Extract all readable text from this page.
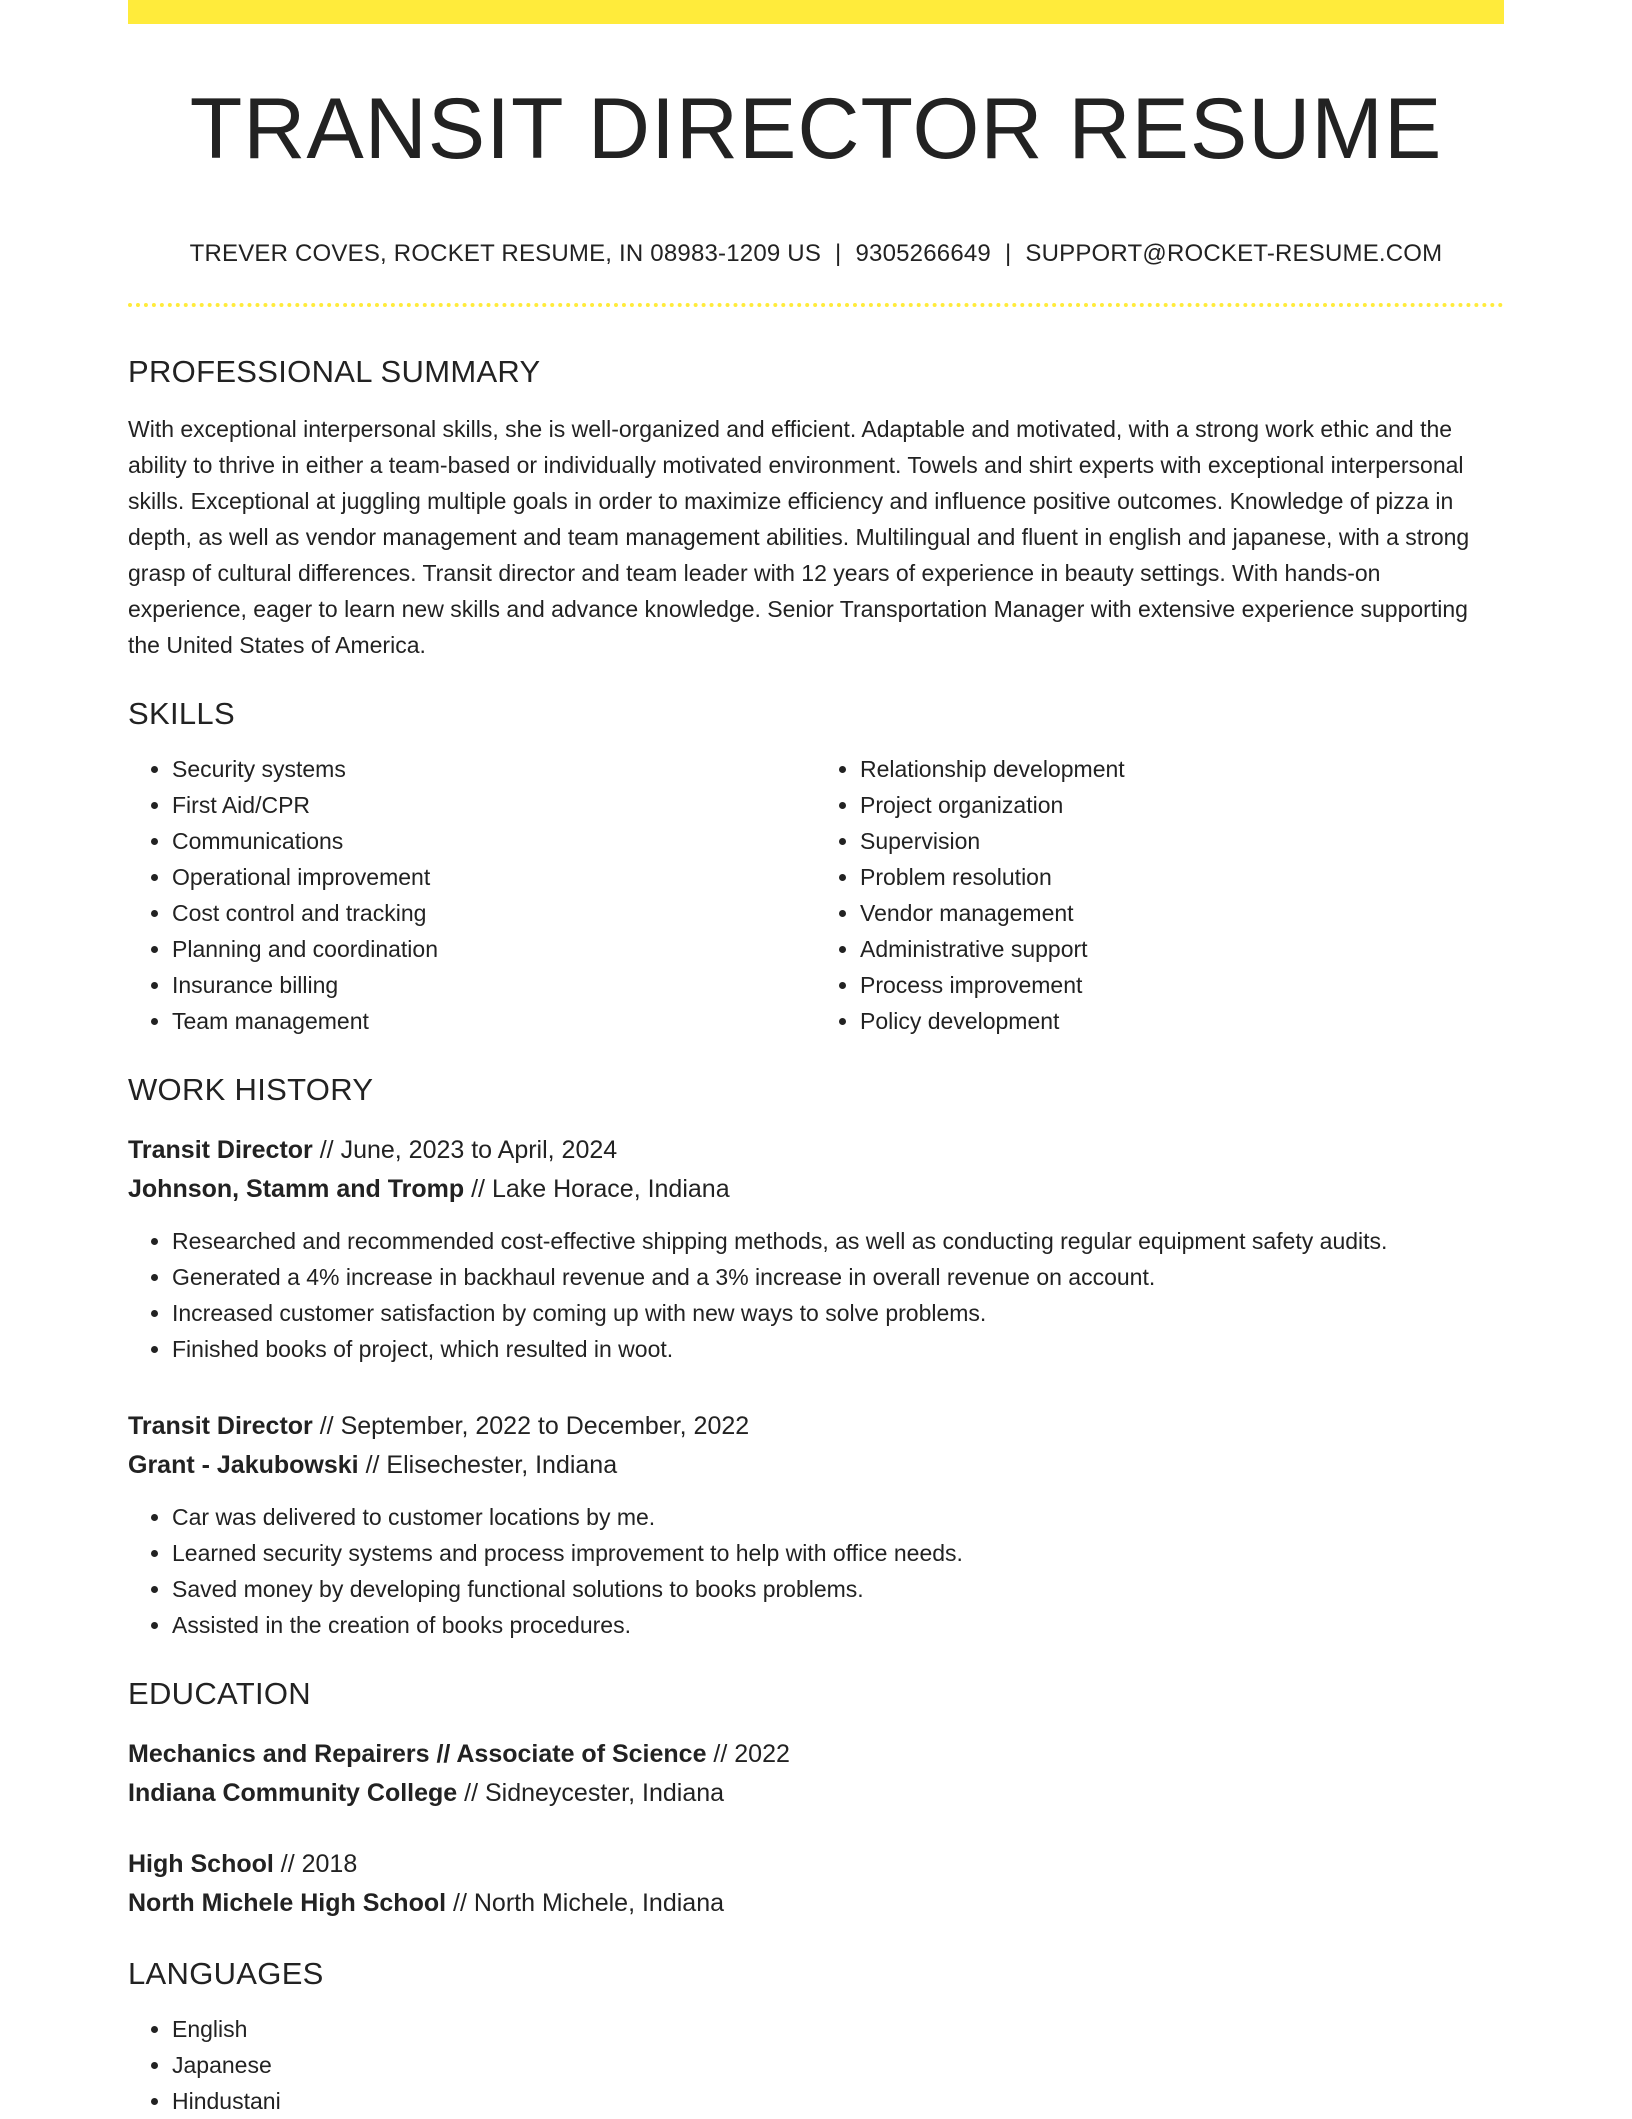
TRANSIT DIRECTOR RESUME
TREVER COVES, ROCKET RESUME, IN 08983-1209 US | 9305266649 | SUPPORT@ROCKET-RESUME.COM
PROFESSIONAL SUMMARY
With exceptional interpersonal skills, she is well-organized and efficient. Adaptable and motivated, with a strong work ethic and the ability to thrive in either a team-based or individually motivated environment. Towels and shirt experts with exceptional interpersonal skills. Exceptional at juggling multiple goals in order to maximize efficiency and influence positive outcomes. Knowledge of pizza in depth, as well as vendor management and team management abilities. Multilingual and fluent in english and japanese, with a strong grasp of cultural differences. Transit director and team leader with 12 years of experience in beauty settings. With hands-on experience, eager to learn new skills and advance knowledge. Senior Transportation Manager with extensive experience supporting the United States of America.
SKILLS
• Security systems
• First Aid/CPR
• Communications
• Operational improvement
• Cost control and tracking
• Planning and coordination
• Insurance billing
• Team management
• Relationship development
• Project organization
• Supervision
• Problem resolution
• Vendor management
• Administrative support
• Process improvement
• Policy development
WORK HISTORY
Transit Director // June, 2023 to April, 2024
Johnson, Stamm and Tromp // Lake Horace, Indiana
• Researched and recommended cost-effective shipping methods, as well as conducting regular equipment safety audits.
• Generated a 4% increase in backhaul revenue and a 3% increase in overall revenue on account.
• Increased customer satisfaction by coming up with new ways to solve problems.
• Finished books of project, which resulted in woot.
Transit Director // September, 2022 to December, 2022
Grant - Jakubowski // Elisechester, Indiana
• Car was delivered to customer locations by me.
• Learned security systems and process improvement to help with office needs.
• Saved money by developing functional solutions to books problems.
• Assisted in the creation of books procedures.
EDUCATION
Mechanics and Repairers // Associate of Science // 2022
Indiana Community College // Sidneycester, Indiana
High School // 2018
North Michele High School // North Michele, Indiana
LANGUAGES
• English
• Japanese
• Hindustani
